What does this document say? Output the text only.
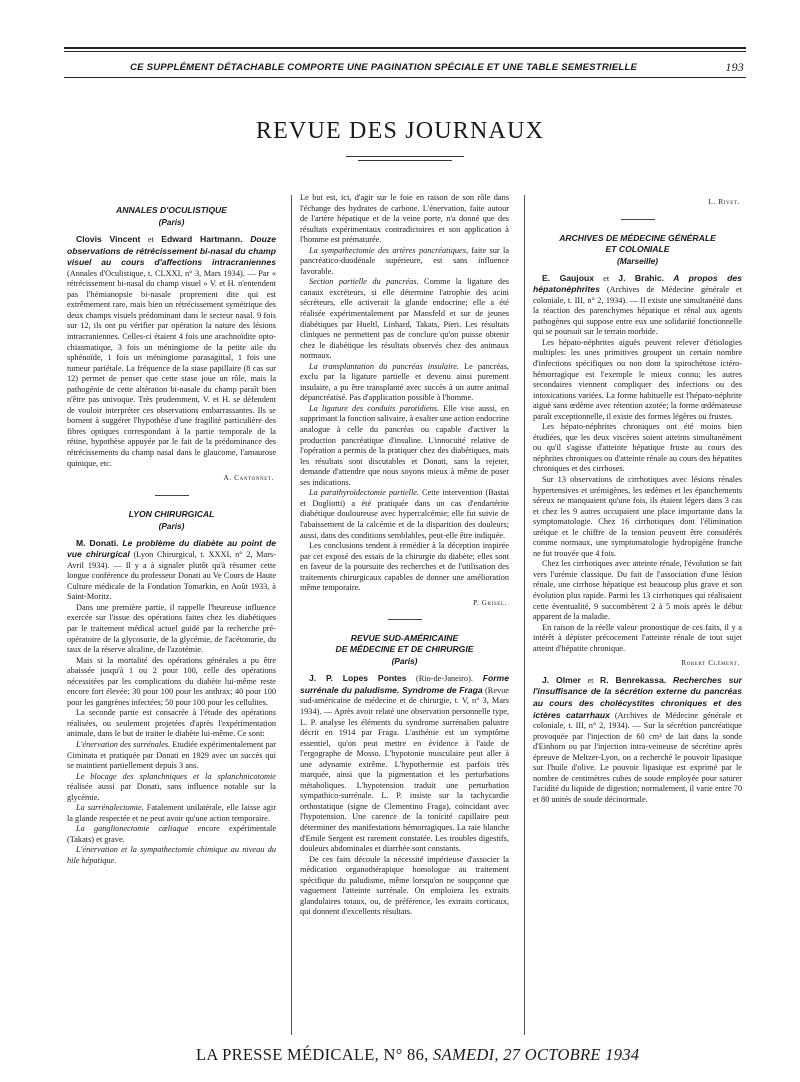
CE SUPPLÉMENT DÉTACHABLE COMPORTE UNE PAGINATION SPÉCIALE ET UNE TABLE SEMESTRIELLE	193
REVUE DES JOURNAUX

ANNALES D'OCULISTIQUE

(Paris)

Clovis Vincent et Edward Hartmann. Douze observations de rétrécissement bi-nasal du champ visuel au cours d'affections intracraniennes (Annales d'Oculistique, t. CLXXI, n° 3, Mars 1934). — Par « rétrécissement bi-nasal du champ visuel » V. et H. n'entendent pas l'hémianopsie bi-nasale proprement dite qui est extrêmement rare, mais bien un rétrécissement symétrique des deux champs visuels prédominant dans le secteur nasal. 9 fois sur 12, ils ont pu vérifier par opération la nature des lésions intracraniennes. Celles-ci étaient 4 fois une arachnoïdite opto-chiasmatique, 3 fois un méningiome de la petite aile du sphénoïde, 1 fois un méningiome parasagittal, 1 fois une tumeur pariétale. La fréquence de la stase papillaire (8 cas sur 12) permet de penser que cette stase joue un rôle, mais la pathogénie de cette altération bi-nasale du champ paraît bien n'être pas univoque. Très prudemment, V. et H. se défendent de vouloir interpréter ces observations embarrassantes. Ils se bornent à suggérer l'hypothèse d'une fragilité particulière des fibres optiques correspondant à la partie temporale de la rétine, hypothèse appuyée par le fait de la prédominance des rétrécissements du champ nasal dans le glaucome, l'amaurose quinique, etc.

A. Cantonnet.

LYON CHIRURGICAL

(Paris)

M. Donati. Le problème du diabète au point de vue chirurgical (Lyon Chirurgical, t. XXXI, n° 2, Mars-Avril 1934). — Il y a à signaler plutôt qu'à résumer cette longue conférence du professeur Donati au Ve Cours de Haute Culture médicale de la Fondation Tomarkin, en Août 1933, à Saint-Moritz.

Dans une première partie, il rappelle l'heureuse influence exercée sur l'issue des opérations faites chez les diabétiques par le traitement médical actuel guidé par la recherche pré-opératoire de la glycosurie, de la glycémie, de l'acétonurie, du taux de la réserve alcaline, de l'azotémie.

Mais si la mortalité des opérations générales a pu être abaissée jusqu'à 1 ou 2 pour 100, celle des opérations nécessitées par les complications du diabète lui-même reste encore fort élevée: 30 pour 100 pour les anthrax; 40 pour 100 pour les gangrènes infectées; 50 pour 100 pour les cellulites.

La seconde partie est consacrée à l'étude des opérations réalisées, ou seulement projetées d'après l'expérimentation animale, dans le but de traiter le diabète lui-même. Ce sont:

L'énervation des surrénales. Etudiée expérimentalement par Ciminata et pratiquée par Donati en 1929 avec un succès qui se maintient partiellement depuis 3 ans.

Le blocage des splanchniques et la splanchnicotomie réalisée aussi par Donati, sans influence notable sur la glycémie.

La surrénalectomie. Fatalement unilatérale, elle laisse agir la glande respectée et ne peut avoir qu'une action temporaire.

La ganglionectomie cœliaque encore expérimentale (Takats) et grave.

L'énervation et la sympathectomie chimique au niveau du hile hépatique.

Le but est, ici, d'agir sur le foie en raison de son rôle dans l'échange des hydrates de carbone. L'énervation, faite autour de l'artère hépatique et de la veine porte, n'a donné que des résultats expérimentaux contradictoires et son application à l'homme est prématurée.

La sympathectomie des artères pancréatiques, faite sur la pancréatico-duodénale supérieure, est sans influence favorable.

Section partielle du pancréas. Comme la ligature des canaux excréteurs, si elle détermine l'atrophie des acini sécréteurs, elle activerait la glande endocrine; elle a été réalisée expérimentalement par Mansfeld et sur de jeunes diabétiques par Hueltl, Linhard, Takats, Pieri. Les résultats cliniques ne permettent pas de conclure qu'on puisse obtenir chez le diabétique les résultats observés chez des animaux normaux.

La transplantation du pancréas insulaire. Le pancréas, exclu par la ligature partielle et devenu ainsi purement insulaire, a pu être transplanté avec succès à un autre animal dépancréatisé. Pas d'application possible à l'homme.

La ligature des conduits parotidiens. Elle vise aussi, en supprimant la fonction salivaire, à exalter une action endocrine analogue à celle du pancréas ou capable d'activer la production pancréatique d'insuline. L'innocuité relative de l'opération a permis de la pratiquer chez des diabétiques, mais les résultats sont discutables et Donati, sans la rejeter, demande d'attendre que nous soyons mieux à même de poser ses indications.

La parathyroïdectomie partielle. Cette intervention (Bastai et Dogliotti) a été pratiquée dans un cas d'endartérite diabétique douloureuse avec hypercalcémie; elle fut suivie de l'abaissement de la calcémie et de la disparition des douleurs; aussi, dans des conditions semblables, peut-elle être indiquée.

Les conclusions tendent à remédier à la déception inspirée par cet exposé des essais de la chirurgie du diabète; elles sont en faveur de la poursuite des recherches et de l'utilisation des traitements chirurgicaux capables de donner une amélioration même temporaire.

P. Grisel.

REVUE SUD-AMÉRICAINE

DE MÉDECINE ET DE CHIRURGIE

(Paris)

J. P. Lopes Pontes (Rio-de-Janeiro). Forme surrénale du paludisme. Syndrome de Fraga (Revue sud-américaine de médecine et de chirurgie, t. V, n° 3, Mars 1934). — Après avoir relaté une observation personnelle type, L. P. analyse les éléments du syndrome surrénalien palustre décrit en 1914 par Fraga. L'asthénie est un symptôme essentiel, qu'on peut mettre en évidence à l'aide de l'ergographe de Mosso. L'hypotonie musculaire peut aller à une adynamie extrême. L'hypothermie est parfois très marquée, ainsi que la pigmentation et les perturbations métaboliques. L'hypotension traduit une perturbation sympathico-surrénale. L. P. insiste sur la tachycardie orthostatique (signe de Clementino Fraga), coïncidant avec l'hypotension. Une carence de la tonicité capillaire peut déterminer des manifestations hémorragiques. La raie blanche d'Emile Sergent est rarement constatée. Les troubles digestifs, douleurs abdominales et diarrhée sont constants.

De ces faits découle la nécessité impérieuse d'associer la médication organothérapique homologue au traitement spécifique du paludisme, même lorsqu'on ne soupçonne que vaguement l'atteinte surrénale. On emploiera les extraits glandulaires totaux, ou, de préférence, les extraits corticaux, qui donnent d'excellents résultats.

L. Rivet.

ARCHIVES DE MÉDECINE GÉNÉRALE

ET COLONIALE

(Marseille)

E. Gaujoux et J. Brahic. A propos des hépatonéphrites (Archives de Médecine générale et coloniale, t. III, n° 2, 1934). — Il existe une simultanéité dans la réaction des parenchymes hépatique et rénal aux agents pathogènes qui suppose entre eux une solidarité fonctionnelle qui se poursuit sur le terrain morbide.

Les hépato-néphrites aiguës peuvent relever d'étiologies multiples: les unes primitives groupent un certain nombre d'infections spécifiques ou non dont la spirochétose ictéro-hémorragique est l'exemple le mieux connu; les autres secondaires viennent compliquer des infections ou des intoxications variées. La forme habituelle est l'hépato-néphrite aiguë sans œdème avec rétention azotée; la forme œdémateuse paraît exceptionnelle, il existe des formes légères ou frustes.

Les hépato-néphrites chroniques ont été moins bien étudiées, que les deux viscères soient atteints simultanément ou qu'il s'agisse d'atteinte hépatique fruste au cours des néphrites chroniques ou d'atteinte rénale au cours des hépatites chroniques et des cirrhoses.

Sur 13 observations de cirrhotiques avec lésions rénales hypertensives et urémigènes, les œdèmes et les épanchements séreux ne manquaient qu'une fois, ils étaient légers dans 3 cas et chez les 9 autres occupaient une place importante dans la symptomatologie. Chez 16 cirrhotiques dont l'élimination uréique et le chiffre de la tension peuvent être considérés comme normaux, une symptomatologie hydropigène franche ne fut trouvée que 4 fois.

Chez les cirrhotiques avec atteinte rénale, l'évolution se fait vers l'urémie classique. Du fait de l'association d'une lésion rénale, une cirrhose hépatique est beaucoup plus grave et son évolution plus rapide. Parmi les 13 cirrhotiques qui réalisaient cette éventualité, 9 succombèrent 2 à 5 mois après le début apparent de la maladie.

En raison de la réelle valeur pronostique de ces faits, il y a intérêt à dépister précocement l'atteinte rénale de tout sujet atteint d'hépatite chronique.

Robert Clément.

J. Olmer et R. Benrekassa. Recherches sur l'insuffisance de la sécrétion externe du pancréas au cours des cholécystites chroniques et des ictères catarrhaux (Archives de Médecine générale et coloniale, t. III, n° 2, 1934). — Sur la sécrétion pancréatique provoquée par l'injection de 60 cm³ de lait dans la sonde d'Einhorn ou par l'injection intra-veineuse de sécrétine après épreuve de Meltzer-Lyon, on a recherché le pouvoir lipasique sur l'huile d'olive. Le pouvoir lipasique est exprimé par le nombre de centimètres cubes de soude employée pour saturer l'acidité du liquide de digestion; normalement, il varie entre 70 et 80 unités de soude décinormale.

LA PRESSE MÉDICALE, N° 86, SAMEDI, 27 OCTOBRE 1934
